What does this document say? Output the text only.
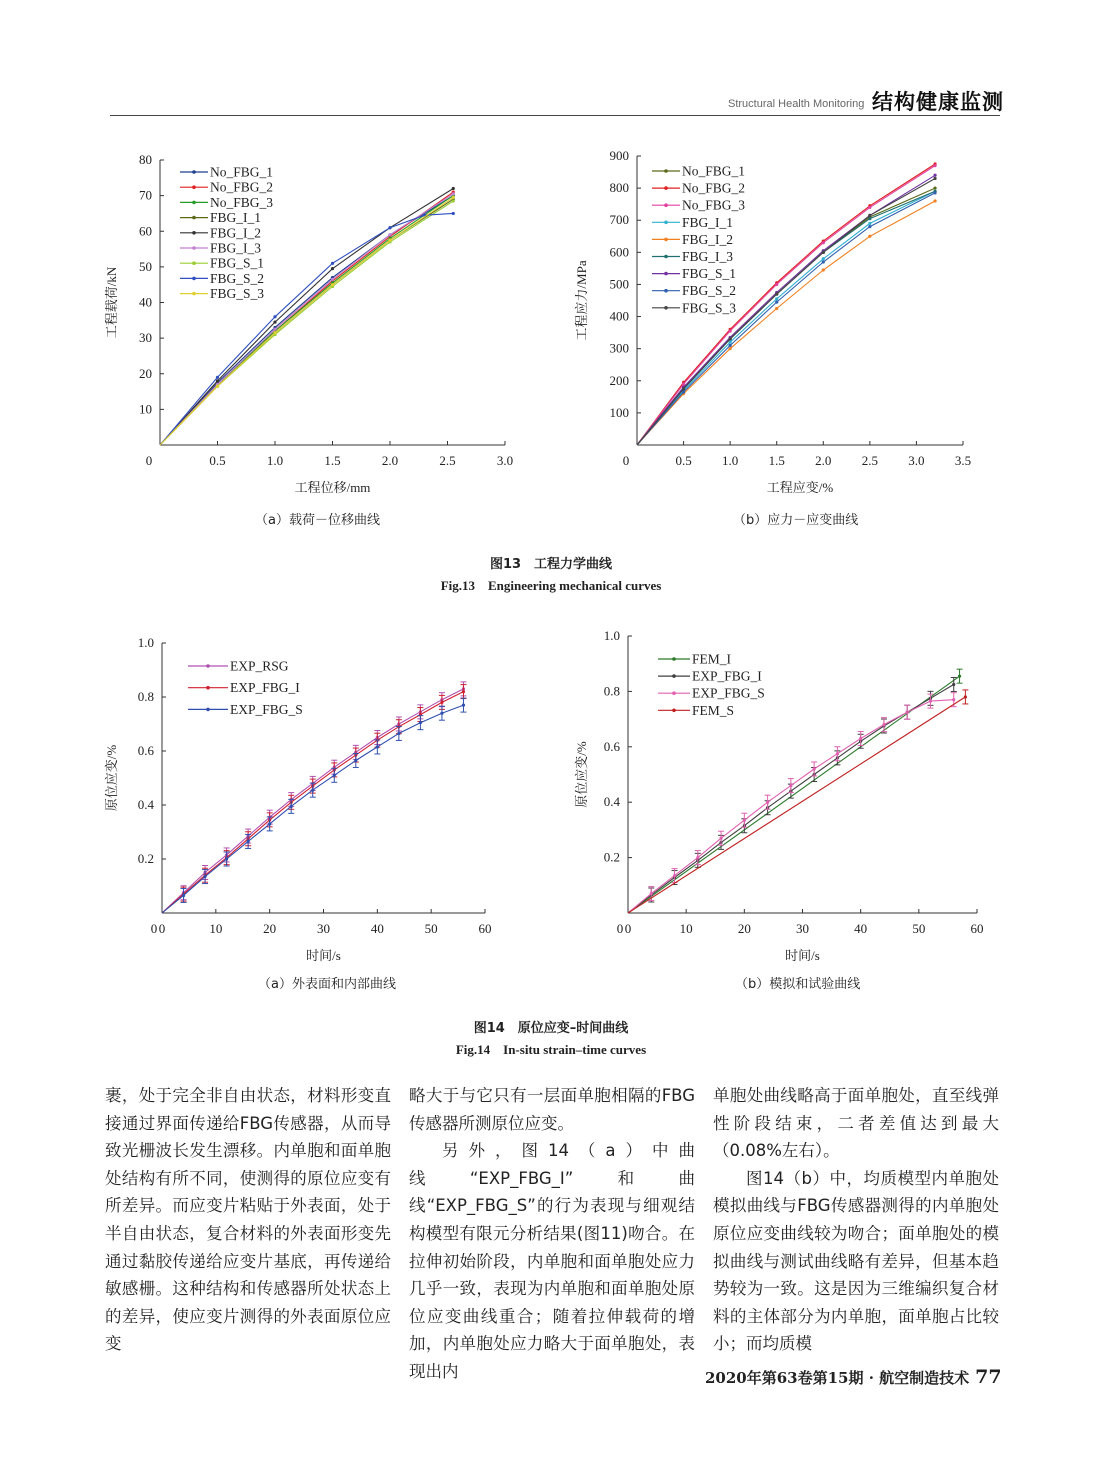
Structural Health Monitoring 结构健康监测
0	0.5	1.0	1.5	2.0	2.5	3.0
10
20
30
40
50
60
70
80
工程位移/mm
工程载荷/kN
No_FBG_1
No_FBG_2
No_FBG_3
FBG_I_1
FBG_I_2
FBG_I_3
FBG_S_1
FBG_S_2
FBG_S_3
0	0.5 1.0 1.5 2.0 2.5 3.0 3.5
100
200
300
400
500
600
700
800
900
工程应变/%
工程应力/MPa
No_FBG_1
No_FBG_2
No_FBG_3
FBG_I_1
FBG_I_2
FBG_I_3
FBG_S_1
FBG_S_2
FBG_S_3
（a）载荷－位移曲线	（b）应力－应变曲线
图13　工程力学曲线
Fig.13　Engineering mechanical curves
0	10	20	30	40	50	60
0.2
0.4
0.6
0.8
1.0
0
时间/s
原位应变/%
EXP_RSG
EXP_FBG_I
EXP_FBG_S
0	10	20	30	40	50	60
0.2
0.4
0.6
0.8
1.0
0
时间/s
原位应变/%
FEM_I
EXP_FBG_I
EXP_FBG_S
FEM_S
（a）外表面和内部曲线	（b）模拟和试验曲线
图14　原位应变–时间曲线
Fig.14　In-situ strain–time curves

裹，处于完全非自由状态，材料形变直接通过界面传递给FBG传感器，从而导致光栅波长发生漂移。内单胞和面单胞处结构有所不同，使测得的原位应变有所差异。而应变片粘贴于外表面，处于半自由状态，复合材料的外表面形变先通过黏胶传递给应变片基底，再传递给敏感栅。这种结构和传感器所处状态上的差异，使应变片测得的外表面原位应变

略大于与它只有一层面单胞相隔的FBG传感器所测原位应变。

另外，图14（a）中曲线“EXP_FBG_I”和曲线“EXP_FBG_S”的行为表现与细观结构模型有限元分析结果(图11)吻合。在拉伸初始阶段，内单胞和面单胞处应力几乎一致，表现为内单胞和面单胞处原位应变曲线重合；随着拉伸载荷的增加，内单胞处应力略大于面单胞处，表现出内

单胞处曲线略高于面单胞处，直至线弹性阶段结束，二者差值达到最大（0.08%左右）。

图14（b）中，均质模型内单胞处模拟曲线与FBG传感器测得的内单胞处原位应变曲线较为吻合；面单胞处的模拟曲线与测试曲线略有差异，但基本趋势较为一致。这是因为三维编织复合材料的主体部分为内单胞，面单胞占比较小；而均质模

2020年第63卷第15期 · 航空制造技术 77
